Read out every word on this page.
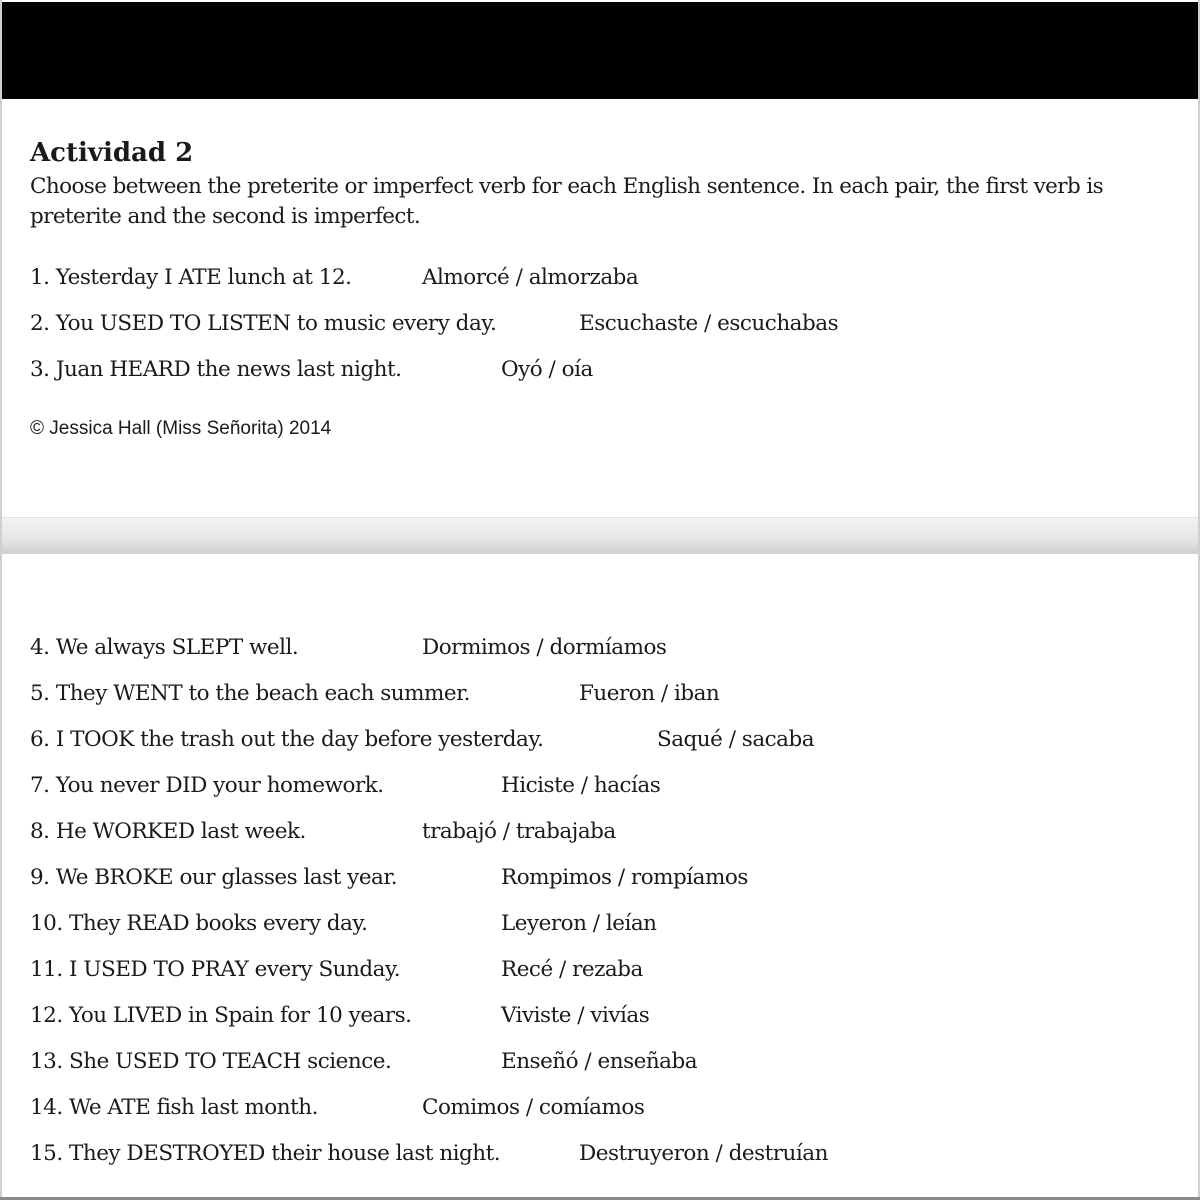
Actividad 2
Choose between the preterite or imperfect verb for each English sentence. In each pair, the first verb is preterite and the second is imperfect.
1. Yesterday I ATE lunch at 12.	Almorcé / almorzaba
2. You USED TO LISTEN to music every day.	Escuchaste / escuchabas
3. Juan HEARD the news last night.	Oyó / oía
© Jessica Hall (Miss Señorita) 2014
4. We always SLEPT well.	Dormimos / dormíamos
5. They WENT to the beach each summer.	Fueron / iban
6. I TOOK the trash out the day before yesterday.	Saqué / sacaba
7. You never DID your homework.	Hiciste / hacías
8. He WORKED last week.	trabajó / trabajaba
9. We BROKE our glasses last year.	Rompimos / rompíamos
10. They READ books every day.	Leyeron / leían
11. I USED TO PRAY every Sunday.	Recé / rezaba
12. You LIVED in Spain for 10 years.	Viviste / vivías
13. She USED TO TEACH science.	Enseñó / enseñaba
14. We ATE fish last month.	Comimos / comíamos
15. They DESTROYED their house last night.	Destruyeron / destruían
